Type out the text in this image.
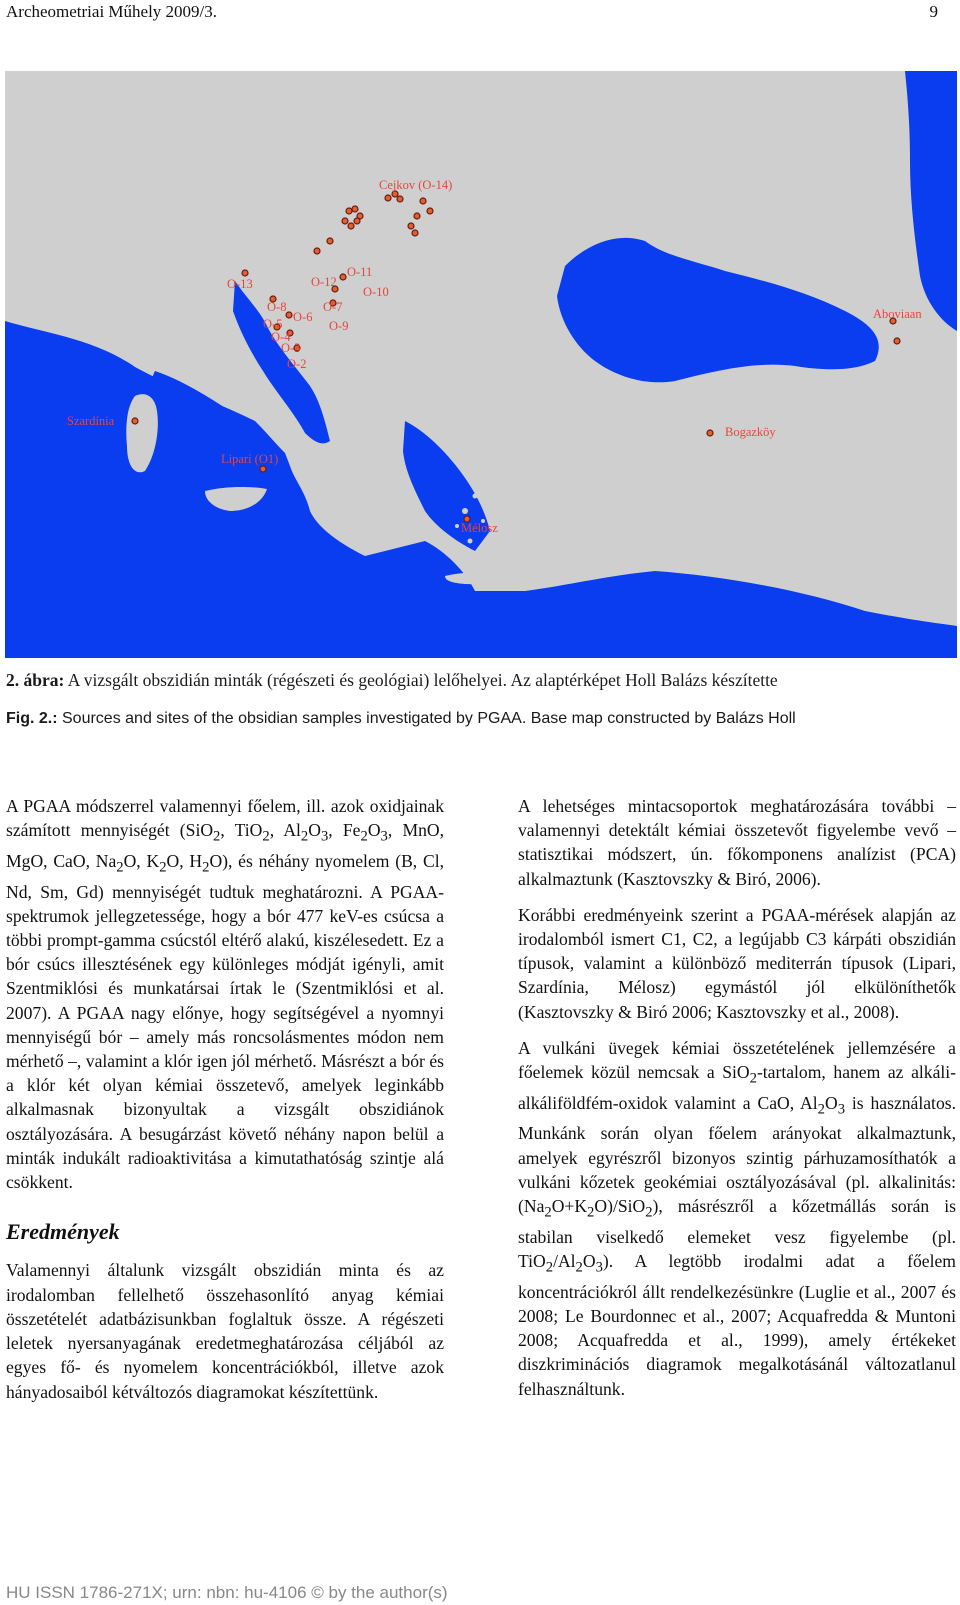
Archeometriai Műhely 2009/3.	9
Cejkov (O-14)
O-13	O-12
O-11
O-10
O-8
O-6
O-7
O-9
O-5
O-4
O-3
O-2
Aboviaan
Szardínia
Lipari (O1)
Bogazköy
Mélosz
2. ábra: A vizsgált obszidián minták (régészeti és geológiai) lelőhelyei. Az alaptérképet Holl Balázs készítette
Fig. 2.: Sources and sites of the obsidian samples investigated by PGAA. Base map constructed by Balázs Holl

A PGAA módszerrel valamennyi főelem, ill. azok oxidjainak számított mennyiségét (SiO$_2$, TiO$_2$, $Al_2O_3$, $Fe_2O_3$, MnO, MgO, CaO, $Na_2O$, $K_2O$, $H_2O$), és néhány nyomelem (B, Cl, Nd, Sm, Gd) mennyiségét tudtuk meghatározni. A PGAA-spektrumok jellegzetessége, hogy a bór 477 keV-es csúcsa a többi prompt-gamma csúcstól eltérő alakú, kiszélesedett. Ez a bór csúcs illesztésének egy különleges módját igényli, amit Szentmiklósi és munkatársai írtak le (Szentmiklósi et al. 2007). A PGAA nagy előnye, hogy segítségével a nyomnyi mennyiségű bór – amely más roncsolásmentes módon nem mérhető –, valamint a klór igen jól mérhető. Másrészt a bór és a klór két olyan kémiai összetevő, amelyek leginkább alkalmasnak bizonyultak a vizsgált obszidiánok osztályozására. A besugárzást követő néhány napon belül a minták indukált radioaktivitása a kimutathatóság szintje alá csökkent.

Eredmények

Valamennyi általunk vizsgált obszidián minta és az irodalomban fellelhető összehasonlító anyag kémiai összetételét adatbázisunkban foglaltuk össze. A régészeti leletek nyersanyagának eredetmeghatározása céljából az egyes fő- és nyomelem koncentrációkból, illetve azok hányadosaiból kétváltozós diagramokat készítettünk.

A lehetséges mintacsoportok meghatározására további – valamennyi detektált kémiai összetevőt figyelembe vevő – statisztikai módszert, ún. főkomponens analízist (PCA) alkalmaztunk (Kasztovszky & Biró, 2006).

Korábbi eredményeink szerint a PGAA-mérések alapján az irodalomból ismert C1, C2, a legújabb C3 kárpáti obszidián típusok, valamint a különböző mediterrán típusok (Lipari, Szardínia, Mélosz) egymástól jól elkülöníthetők (Kasztovszky & Biró 2006; Kasztovszky et al., 2008).

A vulkáni üvegek kémiai összetételének jellemzésére a főelemek közül nemcsak a SiO$_2$-tartalom, hanem az alkáli-alkáliföldfém-oxidok valamint a CaO, $Al_2O_3$ is használatos. Munkánk során olyan főelem arányokat alkalmaztunk, amelyek egyrészről bizonyos szintig párhuzamosíthatók a vulkáni kőzetek geokémiai osztályozásával (pl. alkalinitás: $(Na_2O+K_2O)/SiO_2$), másrészről a kőzetmállás során is stabilan viselkedő elemeket vesz figyelembe (pl. $TiO_2/Al_2O_3$). A legtöbb irodalmi adat a főelem koncentrációkról állt rendelkezésünkre (Luglie et al., 2007 és 2008; Le Bourdonnec et al., 2007; Acquafredda & Muntoni 2008; Acquafredda et al., 1999), amely értékeket diszkriminációs diagramok megalkotásánál változatlanul felhasználtunk.

HU ISSN 1786-271X; urn: nbn: hu-4106 © by the author(s)
